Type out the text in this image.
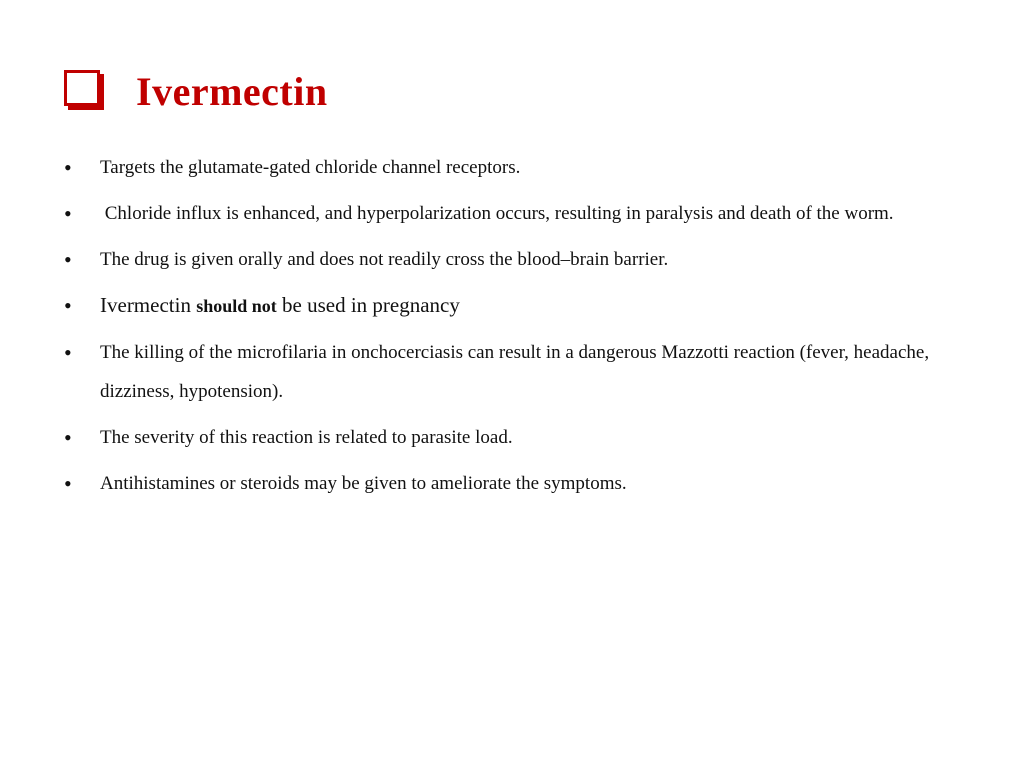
Ivermectin
• Targets the glutamate-gated chloride channel receptors.
• Chloride influx is enhanced, and hyperpolarization occurs, resulting in paralysis and death of the worm.
• The drug is given orally and does not readily cross the blood–brain barrier.
• Ivermectin should not be used in pregnancy
• The killing of the microfilaria in onchocerciasis can result in a dangerous Mazzotti reaction (fever, headache, dizziness, hypotension).
• The severity of this reaction is related to parasite load.
• Antihistamines or steroids may be given to ameliorate the symptoms.
